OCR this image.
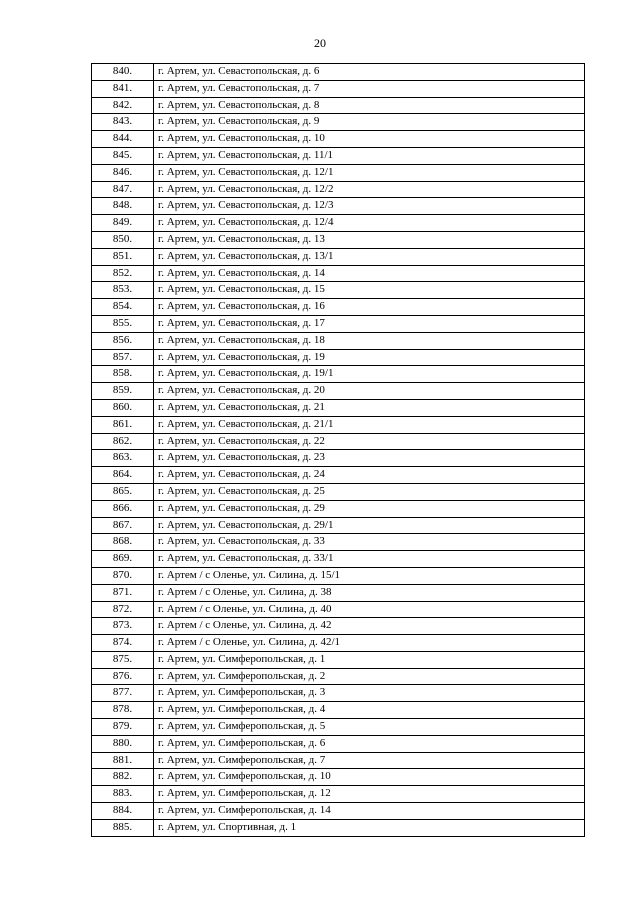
20
840.	г. Артем, ул. Севастопольская, д. 6
841.	г. Артем, ул. Севастопольская, д. 7
842.	г. Артем, ул. Севастопольская, д. 8
843.	г. Артем, ул. Севастопольская, д. 9
844.	г. Артем, ул. Севастопольская, д. 10
845.	г. Артем, ул. Севастопольская, д. 11/1
846.	г. Артем, ул. Севастопольская, д. 12/1
847.	г. Артем, ул. Севастопольская, д. 12/2
848.	г. Артем, ул. Севастопольская, д. 12/3
849.	г. Артем, ул. Севастопольская, д. 12/4
850.	г. Артем, ул. Севастопольская, д. 13
851.	г. Артем, ул. Севастопольская, д. 13/1
852.	г. Артем, ул. Севастопольская, д. 14
853.	г. Артем, ул. Севастопольская, д. 15
854.	г. Артем, ул. Севастопольская, д. 16
855.	г. Артем, ул. Севастопольская, д. 17
856.	г. Артем, ул. Севастопольская, д. 18
857.	г. Артем, ул. Севастопольская, д. 19
858.	г. Артем, ул. Севастопольская, д. 19/1
859.	г. Артем, ул. Севастопольская, д. 20
860.	г. Артем, ул. Севастопольская, д. 21
861.	г. Артем, ул. Севастопольская, д. 21/1
862.	г. Артем, ул. Севастопольская, д. 22
863.	г. Артем, ул. Севастопольская, д. 23
864.	г. Артем, ул. Севастопольская, д. 24
865.	г. Артем, ул. Севастопольская, д. 25
866.	г. Артем, ул. Севастопольская, д. 29
867.	г. Артем, ул. Севастопольская, д. 29/1
868.	г. Артем, ул. Севастопольская, д. 33
869.	г. Артем, ул. Севастопольская, д. 33/1
870.	г. Артем / с Оленье, ул. Силина, д. 15/1
871.	г. Артем / с Оленье, ул. Силина, д. 38
872.	г. Артем / с Оленье, ул. Силина, д. 40
873.	г. Артем / с Оленье, ул. Силина, д. 42
874.	г. Артем / с Оленье, ул. Силина, д. 42/1
875.	г. Артем, ул. Симферопольская, д. 1
876.	г. Артем, ул. Симферопольская, д. 2
877.	г. Артем, ул. Симферопольская, д. 3
878.	г. Артем, ул. Симферопольская, д. 4
879.	г. Артем, ул. Симферопольская, д. 5
880.	г. Артем, ул. Симферопольская, д. 6
881.	г. Артем, ул. Симферопольская, д. 7
882.	г. Артем, ул. Симферопольская, д. 10
883.	г. Артем, ул. Симферопольская, д. 12
884.	г. Артем, ул. Симферопольская, д. 14
885.	г. Артем, ул. Спортивная, д. 1
